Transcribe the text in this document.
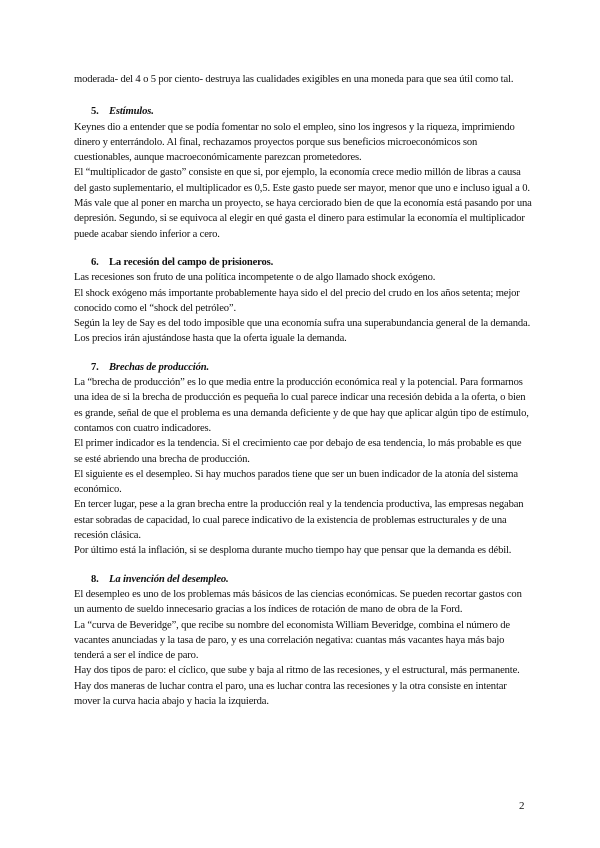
moderada- del 4 o 5 por ciento- destruya las cualidades exigibles en una moneda para que sea útil como tal.

5. Estímulos.

Keynes dio a entender que se podía fomentar no solo el empleo, sino los ingresos y la riqueza, imprimiendo dinero y enterrándolo. Al final, rechazamos proyectos porque sus beneficios microeconómicos son cuestionables, aunque macroeconómicamente parezcan prometedores.

El “multiplicador de gasto” consiste en que si, por ejemplo, la economía crece medio millón de libras a causa del gasto suplementario, el multiplicador es 0,5. Este gasto puede ser mayor, menor que uno e incluso igual a 0.

Más vale que al poner en marcha un proyecto, se haya cerciorado bien de que la economía está pasando por una depresión. Segundo, si se equivoca al elegir en qué gasta el dinero para estimular la economía el multiplicador puede acabar siendo inferior a cero.

6. La recesión del campo de prisioneros.

Las recesiones son fruto de una política incompetente o de algo llamado shock exógeno.

El shock exógeno más importante probablemente haya sido el del precio del crudo en los años setenta; mejor conocido como el “shock del petróleo”.

Según la ley de Say es del todo imposible que una economía sufra una superabundancia general de la demanda. Los precios irán ajustándose hasta que la oferta iguale la demanda.

7. Brechas de producción.

La “brecha de producción” es lo que media entre la producción económica real y la potencial. Para formarnos una idea de si la brecha de producción es pequeña lo cual parece indicar una recesión debida a la oferta, o bien es grande, señal de que el problema es una demanda deficiente y de que hay que aplicar algún tipo de estímulo, contamos con cuatro indicadores.

El primer indicador es la tendencia. Si el crecimiento cae por debajo de esa tendencia, lo más probable es que se esté abriendo una brecha de producción.

El siguiente es el desempleo. Si hay muchos parados tiene que ser un buen indicador de la atonía del sistema económico.

En tercer lugar, pese a la gran brecha entre la producción real y la tendencia productiva, las empresas negaban estar sobradas de capacidad, lo cual parece indicativo de la existencia de problemas estructurales y de una recesión clásica.

Por último está la inflación, si se desploma durante mucho tiempo hay que pensar que la demanda es débil.

8. La invención del desempleo.

El desempleo es uno de los problemas más básicos de las ciencias económicas. Se pueden recortar gastos con un aumento de sueldo innecesario gracias a los índices de rotación de mano de obra de la Ford.

La “curva de Beveridge”, que recibe su nombre del economista William Beveridge, combina el número de vacantes anunciadas y la tasa de paro, y es una correlación negativa: cuantas más vacantes haya más bajo tenderá a ser el índice de paro.

Hay dos tipos de paro: el cíclico, que sube y baja al ritmo de las recesiones, y el estructural, más permanente. Hay dos maneras de luchar contra el paro, una es luchar contra las recesiones y la otra consiste en intentar mover la curva hacia abajo y hacia la izquierda.

2
